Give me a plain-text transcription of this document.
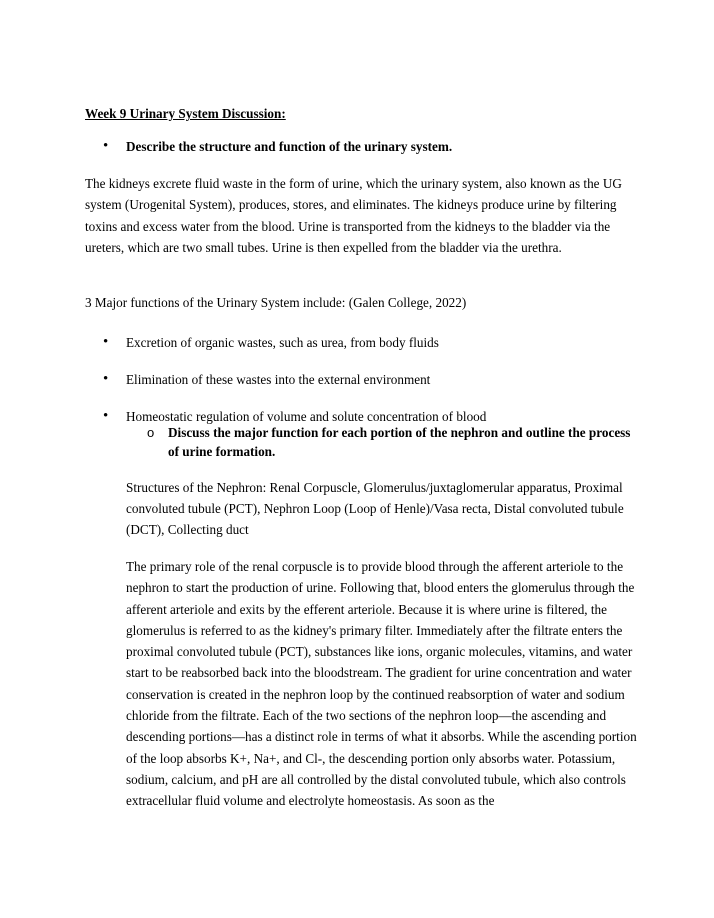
Week 9 Urinary System Discussion:

• Describe the structure and function of the urinary system.

The kidneys excrete fluid waste in the form of urine, which the urinary system, also known as the UG system (Urogenital System), produces, stores, and eliminates. The kidneys produce urine by filtering toxins and excess water from the blood. Urine is transported from the kidneys to the bladder via the ureters, which are two small tubes. Urine is then expelled from the bladder via the urethra.

3 Major functions of the Urinary System include: (Galen College, 2022)

• Excretion of organic wastes, such as urea, from body fluids

• Elimination of these wastes into the external environment

• Homeostatic regulation of volume and solute concentration of blood

o Discuss the major function for each portion of the nephron and outline the process of urine formation.

Structures of the Nephron: Renal Corpuscle, Glomerulus/juxtaglomerular apparatus, Proximal convoluted tubule (PCT), Nephron Loop (Loop of Henle)/Vasa recta, Distal convoluted tubule (DCT), Collecting duct

The primary role of the renal corpuscle is to provide blood through the afferent arteriole to the nephron to start the production of urine. Following that, blood enters the glomerulus through the afferent arteriole and exits by the efferent arteriole. Because it is where urine is filtered, the glomerulus is referred to as the kidney's primary filter. Immediately after the filtrate enters the proximal convoluted tubule (PCT), substances like ions, organic molecules, vitamins, and water start to be reabsorbed back into the bloodstream. The gradient for urine concentration and water conservation is created in the nephron loop by the continued reabsorption of water and sodium chloride from the filtrate. Each of the two sections of the nephron loop—the ascending and descending portions—has a distinct role in terms of what it absorbs. While the ascending portion of the loop absorbs K+, Na+, and Cl-, the descending portion only absorbs water. Potassium, sodium, calcium, and pH are all controlled by the distal convoluted tubule, which also controls extracellular fluid volume and electrolyte homeostasis. As soon as the
